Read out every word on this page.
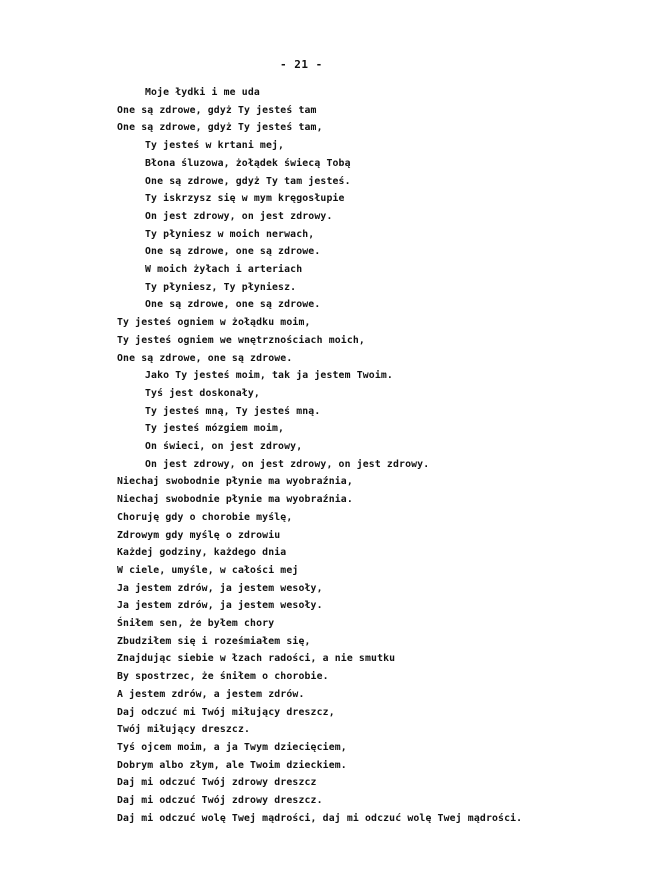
- 21 -
Moje łydki i me uda
One są zdrowe, gdyż Ty jesteś tam
One są zdrowe, gdyż Ty jesteś tam,
Ty jesteś w krtani mej,
Błona śluzowa, żołądek świecą Tobą
One są zdrowe, gdyż Ty tam jesteś.
Ty iskrzysz się w mym kręgosłupie
On jest zdrowy, on jest zdrowy.
Ty płyniesz w moich nerwach,
One są zdrowe, one są zdrowe.
W moich żyłach i arteriach
Ty płyniesz, Ty płyniesz.
One są zdrowe, one są zdrowe.
Ty jesteś ogniem w żołądku moim,
Ty jesteś ogniem we wnętrznościach moich,
One są zdrowe, one są zdrowe.
Jako Ty jesteś moim, tak ja jestem Twoim.
Tyś jest doskonały,
Ty jesteś mną, Ty jesteś mną.
Ty jesteś mózgiem moim,
On świeci, on jest zdrowy,
On jest zdrowy, on jest zdrowy, on jest zdrowy.
Niechaj swobodnie płynie ma wyobraźnia,
Niechaj swobodnie płynie ma wyobraźnia.
Choruję gdy o chorobie myślę,
Zdrowym gdy myślę o zdrowiu
Każdej godziny, każdego dnia
W ciele, umyśle, w całości mej
Ja jestem zdrów, ja jestem wesoły,
Ja jestem zdrów, ja jestem wesoły.
Śniłem sen, że byłem chory
Zbudziłem się i roześmiałem się,
Znajdując siebie w łzach radości, a nie smutku
By spostrzec, że śniłem o chorobie.
A jestem zdrów, a jestem zdrów.
Daj odczuć mi Twój miłujący dreszcz,
Twój miłujący dreszcz.
Tyś ojcem moim, a ja Twym dziecięciem,
Dobrym albo złym, ale Twoim dzieckiem.
Daj mi odczuć Twój zdrowy dreszcz
Daj mi odczuć Twój zdrowy dreszcz.
Daj mi odczuć wolę Twej mądrości, daj mi odczuć wolę Twej mądrości.
